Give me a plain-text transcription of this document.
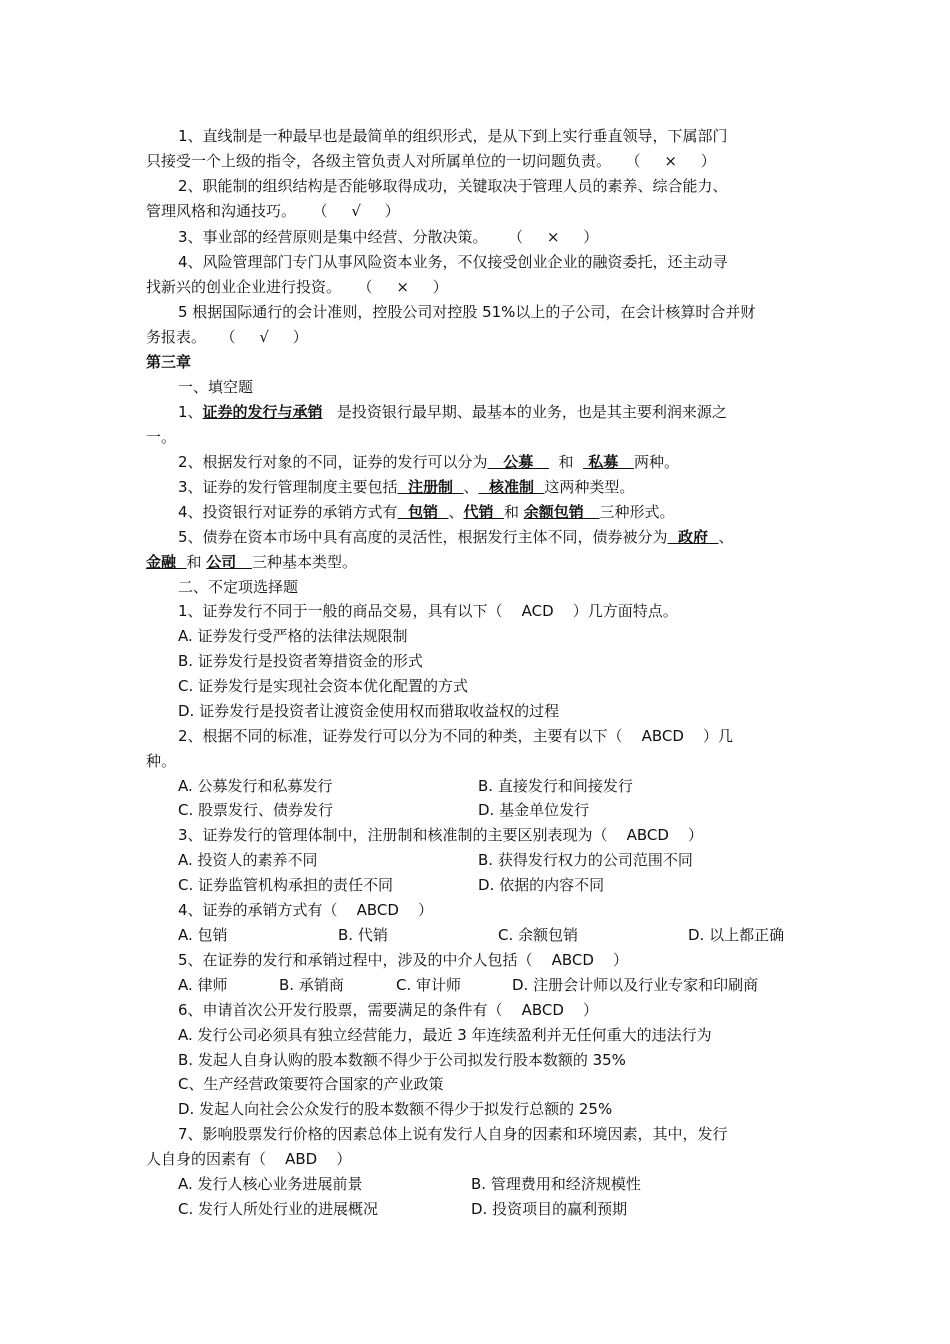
1、直线制是一种最早也是最简单的组织形式，是从下到上实行垂直领导，下属部门
只接受一个上级的指令，各级主管负责人对所属单位的一切问题负责。 （     ×     ）
2、职能制的组织结构是否能够取得成功，关键取决于管理人员的素养、综合能力、
管理风格和沟通技巧。 （     √     ）
3、事业部的经营原则是集中经营、分散决策。 （     ×     ）
4、风险管理部门专门从事风险资本业务，不仅接受创业企业的融资委托，还主动寻
找新兴的创业企业进行投资。 （     ×     ）
5 根据国际通行的会计准则，控股公司对控股 51%以上的子公司，在会计核算时合并财
务报表。 （     √     ）
第三章
一、填空题
1、证券的发行与承销 是投资银行最早期、最基本的业务，也是其主要利润来源之
一。
2、根据发行对象的不同，证券的发行可以分为 公募 和 私募 两种。
3、证券的发行管理制度主要包括 注册制 、 核准制 这两种类型。
4、投资银行对证券的承销方式有 包销 、代销 和 余额包销 三种形式。
5、债券在资本市场中具有高度的灵活性，根据发行主体不同，债券被分为 政府 、
金融 和 公司 三种基本类型。
二、不定项选择题
1、证券发行不同于一般的商品交易，具有以下（    ACD    ）几方面特点。
A. 证券发行受严格的法律法规限制
B. 证券发行是投资者筹措资金的形式
C. 证券发行是实现社会资本优化配置的方式
D. 证券发行是投资者让渡资金使用权而猎取收益权的过程
2、根据不同的标准，证券发行可以分为不同的种类，主要有以下（    ABCD    ）几
种。
A. 公募发行和私募发行	B. 直接发行和间接发行

C. 股票发行、债券发行	D. 基金单位发行

3、证券发行的管理体制中，注册制和核准制的主要区别表现为（    ABCD    ）
A. 投资人的素养不同	B. 获得发行权力的公司范围不同

C. 证券监管机构承担的责任不同	D. 依据的内容不同

4、证券的承销方式有（    ABCD    ）
A. 包销	B. 代销	C. 余额包销	D. 以上都正确

5、在证券的发行和承销过程中，涉及的中介人包括（    ABCD    ）
A. 律师	B. 承销商	C. 审计师	D. 注册会计师以及行业专家和印刷商

6、申请首次公开发行股票，需要满足的条件有（    ABCD    ）
A. 发行公司必须具有独立经营能力，最近 3 年连续盈利并无任何重大的违法行为
B. 发起人自身认购的股本数额不得少于公司拟发行股本数额的 35%
C、生产经营政策要符合国家的产业政策
D. 发起人向社会公众发行的股本数额不得少于拟发行总额的 25%
7、影响股票发行价格的因素总体上说有发行人自身的因素和环境因素，其中，发行
人自身的因素有（    ABD    ）
A. 发行人核心业务进展前景	B. 管理费用和经济规模性

C. 发行人所处行业的进展概况	D. 投资项目的赢利预期
